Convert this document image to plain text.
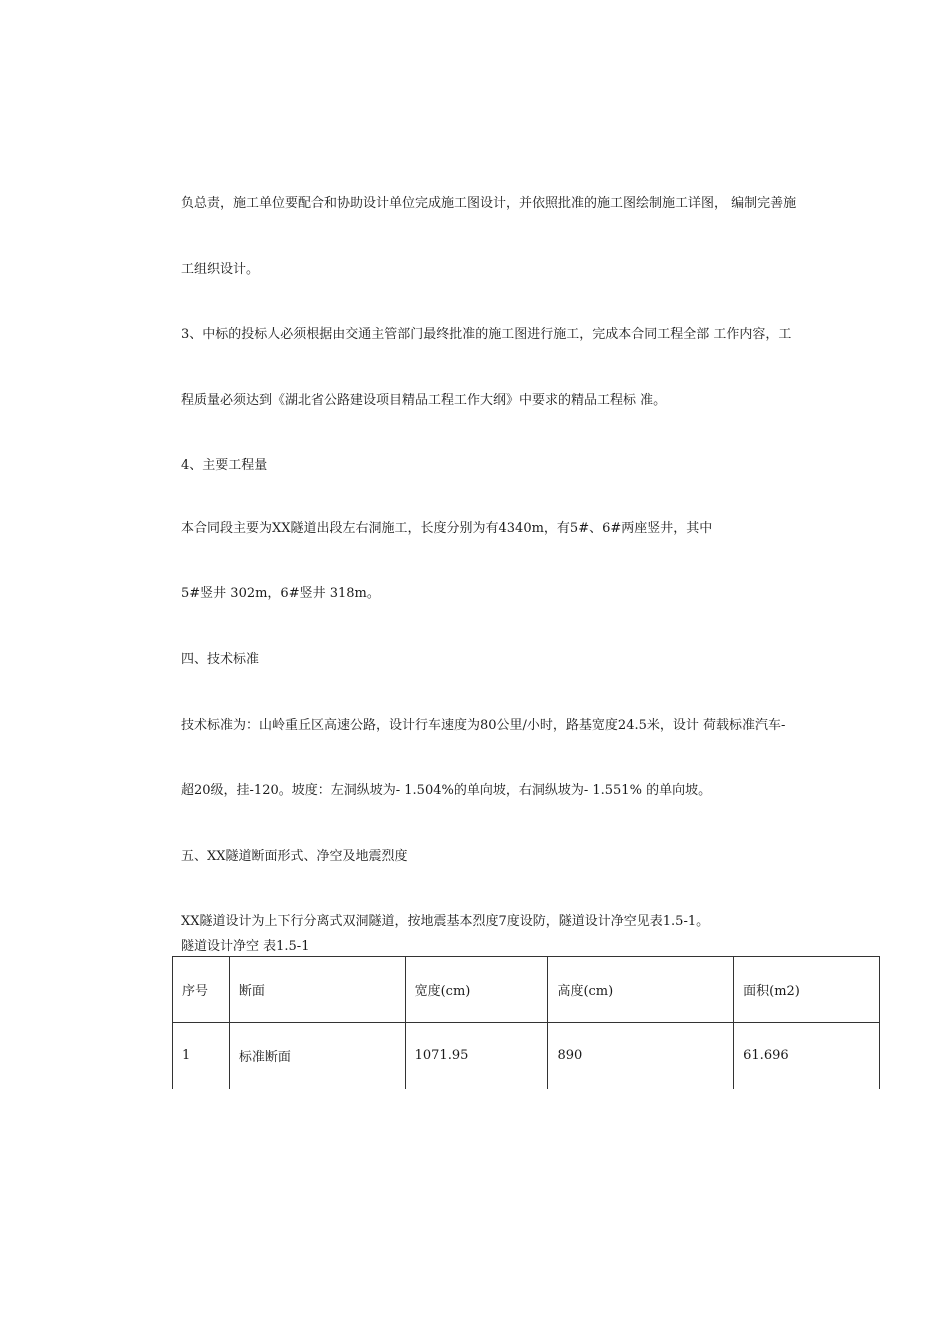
负总责，施工单位要配合和协助设计单位完成施工图设计，并依照批准的施工图绘制施工详图， 编制完善施
工组织设计。
3、中标的投标人必须根据由交通主管部门最终批准的施工图进行施工，完成本合同工程全部 工作内容，工
程质量必须达到《湖北省公路建设项目精品工程工作大纲》中要求的精品工程标 准。
4、主要工程量
本合同段主要为XX隧道出段左右洞施工，长度分别为有4340m，有5#、6#两座竖井，其中
5#竖井 302m，6#竖井 318m。
四、技术标准
技术标准为：山岭重丘区高速公路，设计行车速度为80公里/小时，路基宽度24.5米，设计 荷载标准汽车-
超20级，挂-120。坡度：左洞纵坡为- 1.504%的单向坡，右洞纵坡为- 1.551% 的单向坡。
五、XX隧道断面形式、净空及地震烈度
XX隧道设计为上下行分离式双洞隧道，按地震基本烈度7度设防，隧道设计净空见表1.5-1。
隧道设计净空 表1.5-1
序号	断面	宽度(cm)	高度(cm)	面积(m2)
1	标准断面	1071.95	890	61.696
